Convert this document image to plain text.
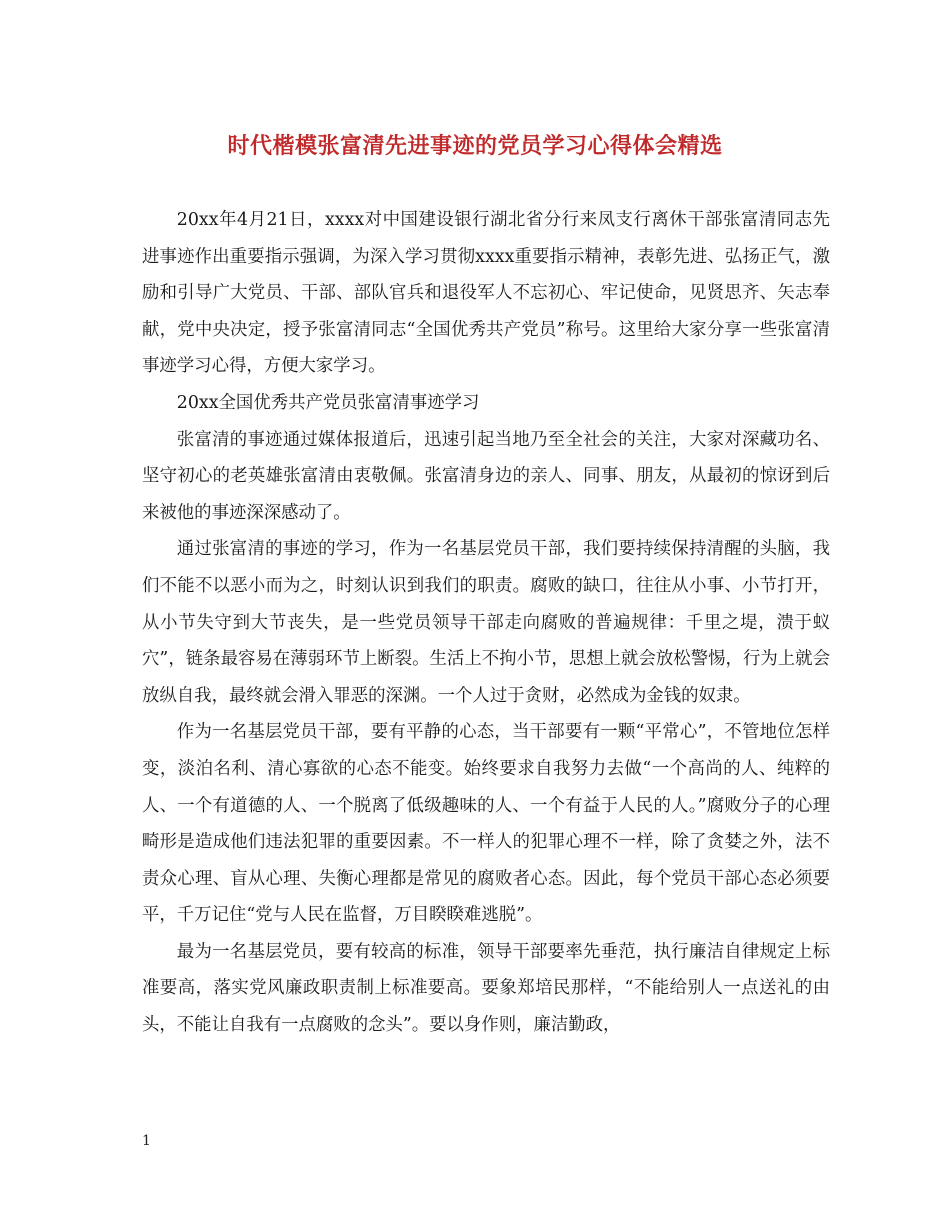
时代楷模张富清先进事迹的党员学习心得体会精选

20xx年4月21日，xxxx对中国建设银行湖北省分行来凤支行离休干部张富清同志先进事迹作出重要指示强调，为深入学习贯彻xxxx重要指示精神，表彰先进、弘扬正气，激励和引导广大党员、干部、部队官兵和退役军人不忘初心、牢记使命，见贤思齐、矢志奉献，党中央决定，授予张富清同志“全国优秀共产党员”称号。这里给大家分享一些张富清事迹学习心得，方便大家学习。

20xx全国优秀共产党员张富清事迹学习

张富清的事迹通过媒体报道后，迅速引起当地乃至全社会的关注，大家对深藏功名、坚守初心的老英雄张富清由衷敬佩。张富清身边的亲人、同事、朋友，从最初的惊讶到后来被他的事迹深深感动了。

通过张富清的事迹的学习，作为一名基层党员干部，我们要持续保持清醒的头脑，我们不能不以恶小而为之，时刻认识到我们的职责。腐败的缺口，往往从小事、小节打开，从小节失守到大节丧失，是一些党员领导干部走向腐败的普遍规律：千里之堤，溃于蚁穴”，链条最容易在薄弱环节上断裂。生活上不拘小节，思想上就会放松警惕，行为上就会放纵自我，最终就会滑入罪恶的深渊。一个人过于贪财，必然成为金钱的奴隶。

作为一名基层党员干部，要有平静的心态，当干部要有一颗“平常心”，不管地位怎样变，淡泊名利、清心寡欲的心态不能变。始终要求自我努力去做“一个高尚的人、纯粹的人、一个有道德的人、一个脱离了低级趣味的人、一个有益于人民的人。”腐败分子的心理畸形是造成他们违法犯罪的重要因素。不一样人的犯罪心理不一样，除了贪婪之外，法不责众心理、盲从心理、失衡心理都是常见的腐败者心态。因此，每个党员干部心态必须要平，千万记住“党与人民在监督，万目睽睽难逃脱”。

最为一名基层党员，要有较高的标准，领导干部要率先垂范，执行廉洁自律规定上标准要高，落实党风廉政职责制上标准要高。要象郑培民那样，“不能给别人一点送礼的由头，不能让自我有一点腐败的念头”。要以身作则，廉洁勤政，

1
